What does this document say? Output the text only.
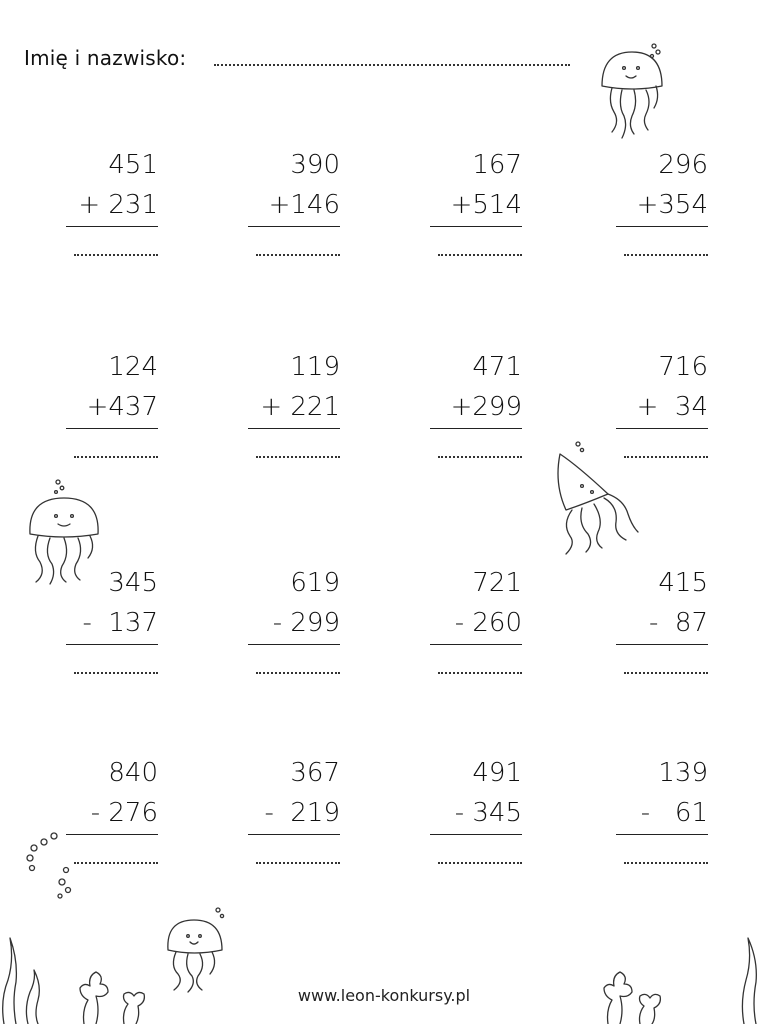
Imię i nazwisko:
www.leon-konkursy.pl
451
+ 231
390
+146
167
+514
296
+354
124
+437
119
+ 221
471
+299
716
+  34
345
-  137
619
- 299
721
- 260
415
-  87
840
- 276
367
-  219
491
- 345
139
-   61
